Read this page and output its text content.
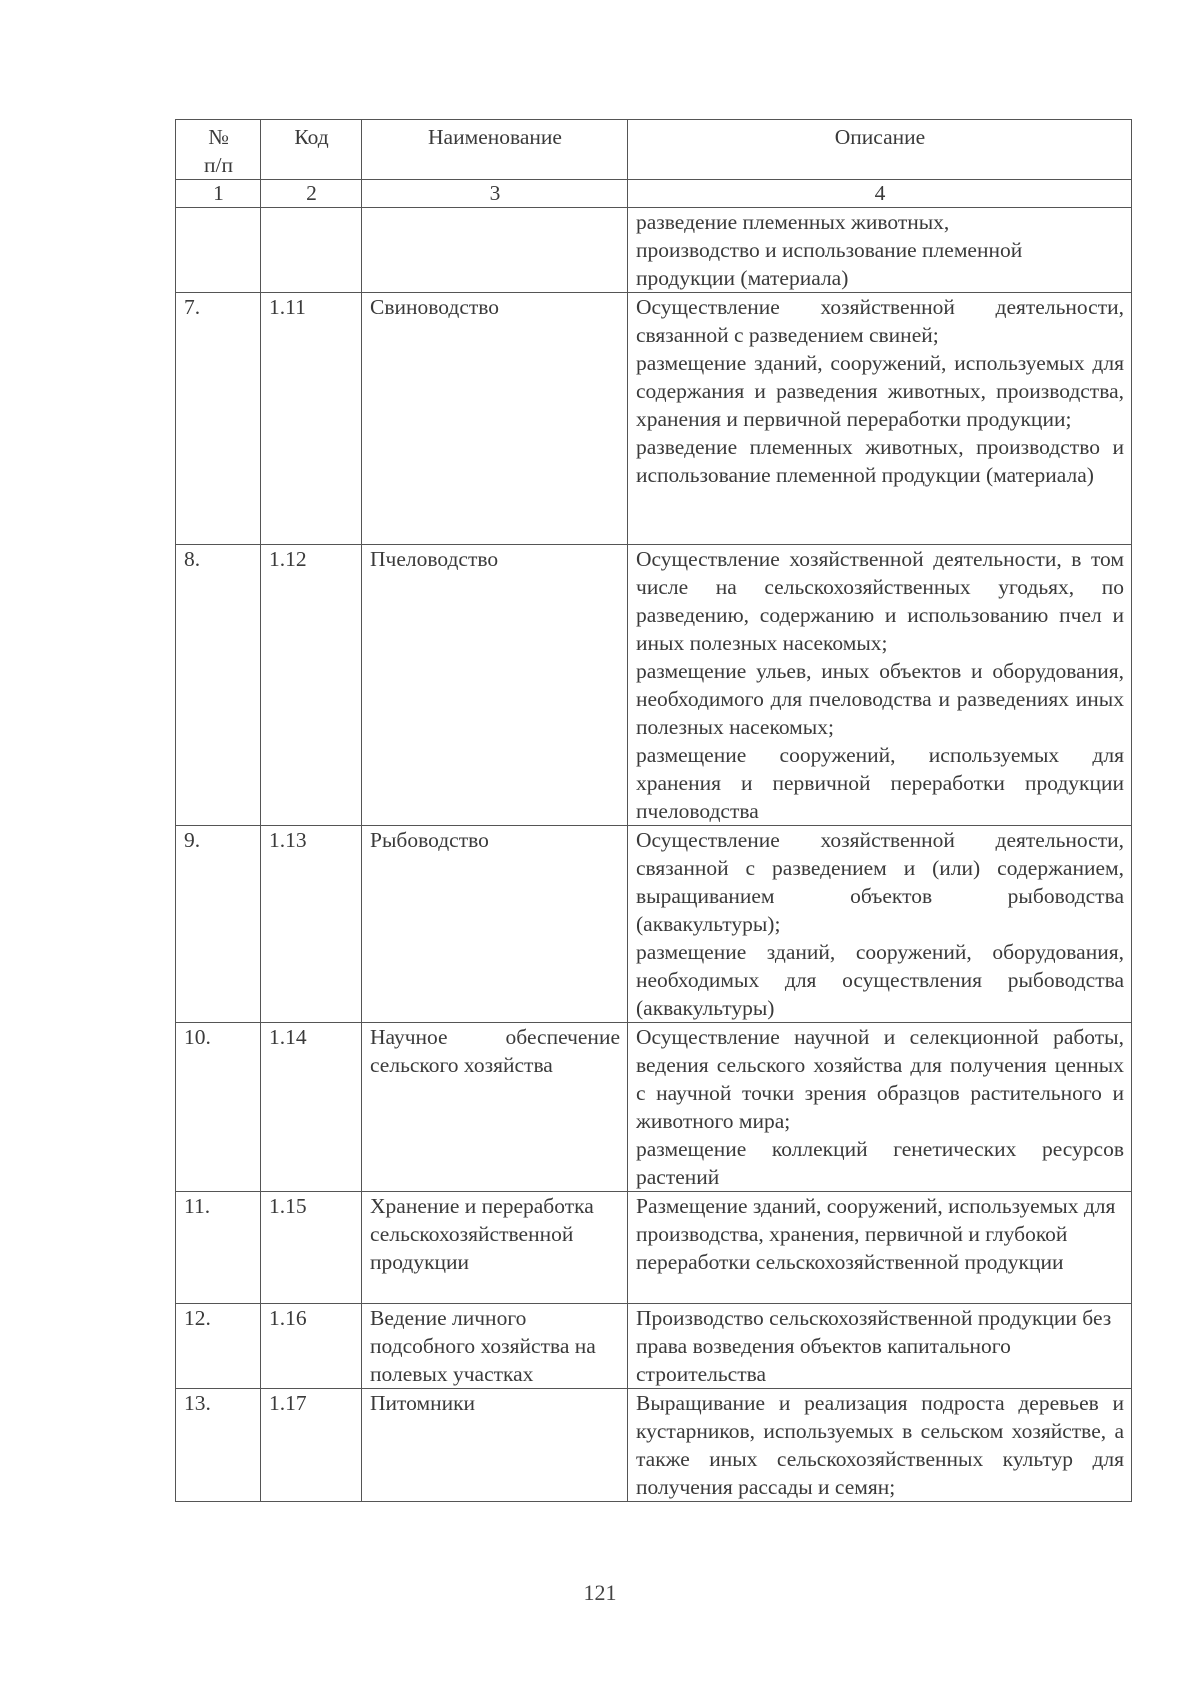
№
п/п	Код	Наименование	Описание
1	2	3	4

			разведение племенных животных,

производство и использование племенной

продукции (материала)

7.	1.11	Свиноводство	Осуществление хозяйственной деятельности, связанной с разведением свиней;

размещение зданий, сооружений, используемых для содержания и разведения животных, производства, хранения и первичной переработки продукции;

разведение племенных животных, производство и использование племенной продукции (материала)

8.	1.12	Пчеловодство	Осуществление хозяйственной деятельности, в том числе на сельскохозяйственных угодьях, по разведению, содержанию и использованию пчел и иных полезных насекомых;

размещение ульев, иных объектов и оборудования, необходимого для пчеловодства и разведениях иных полезных насекомых;

размещение сооружений, используемых для хранения и первичной переработки продукции пчеловодства

9.	1.13	Рыбоводство	Осуществление хозяйственной деятельности, связанной с разведением и (или) содержанием, выращиванием объектов рыбоводства (аквакультуры);

размещение зданий, сооружений, оборудования, необходимых для осуществления рыбоводства (аквакультуры)

10.	1.14	Научное обеспечение сельского хозяйства	Осуществление научной и селекционной работы, ведения сельского хозяйства для получения ценных с научной точки зрения образцов растительного и животного мира;

размещение коллекций генетических ресурсов растений

11.	1.15	Хранение и переработка сельскохозяйственной продукции	Размещение зданий, сооружений, используемых для производства, хранения, первичной и глубокой переработки сельскохозяйственной продукции

12.	1.16	Ведение личного подсобного хозяйства на полевых участках	Производство сельскохозяйственной продукции без права возведения объектов капитального строительства

13.	1.17	Питомники	Выращивание и реализация подроста деревьев и кустарников, используемых в сельском хозяйстве, а также иных сельскохозяйственных культур для получения рассады и семян;

121
